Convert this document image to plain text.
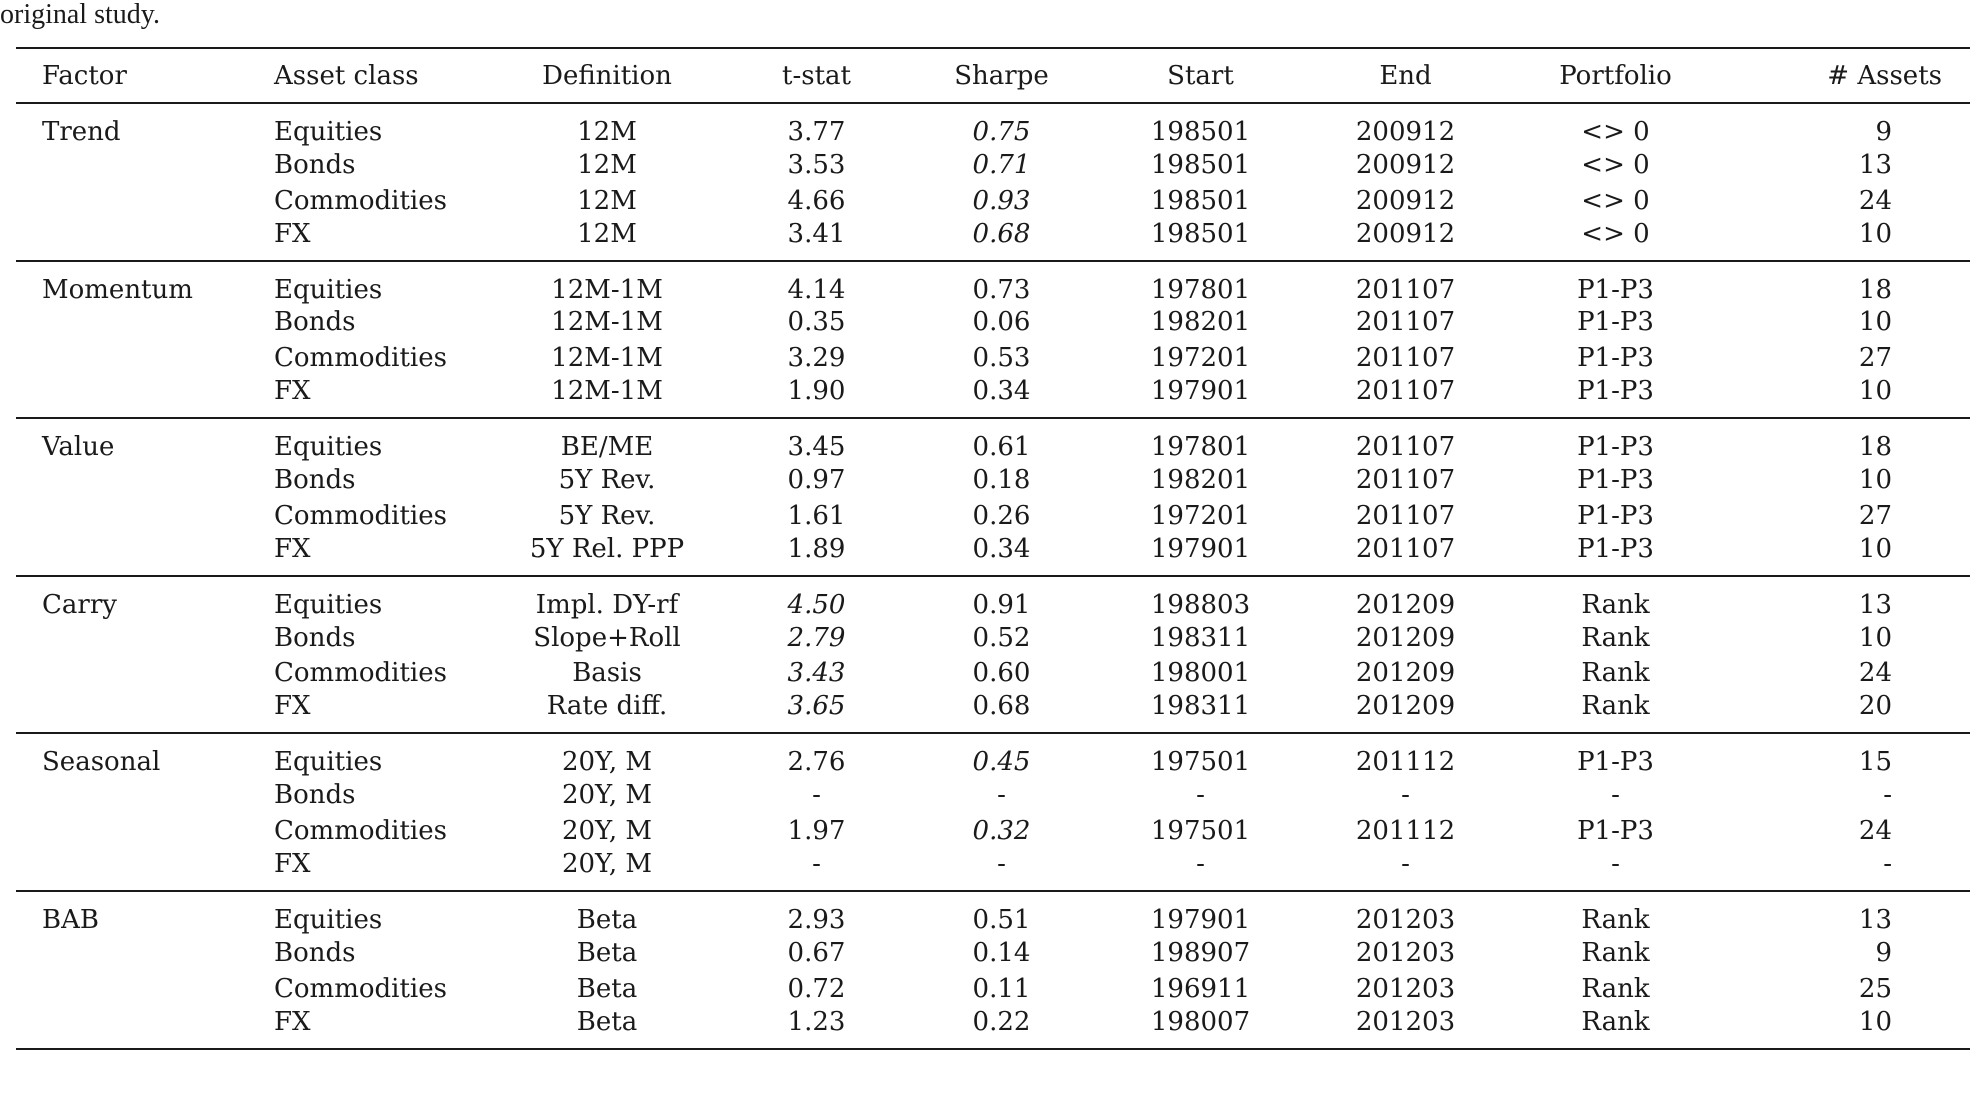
original study.
Factor	Asset class	Definition	t-stat	Sharpe	Start	End	Portfolio	# Assets
Trend	Equities	12M	3.77	0.75	198501	200912	<> 0	9
	Bonds	12M	3.53	0.71	198501	200912	<> 0	13
	Commodities	12M	4.66	0.93	198501	200912	<> 0	24
	FX	12M	3.41	0.68	198501	200912	<> 0	10
Momentum	Equities	12M-1M	4.14	0.73	197801	201107	P1-P3	18
	Bonds	12M-1M	0.35	0.06	198201	201107	P1-P3	10
	Commodities	12M-1M	3.29	0.53	197201	201107	P1-P3	27
	FX	12M-1M	1.90	0.34	197901	201107	P1-P3	10
Value	Equities	BE/ME	3.45	0.61	197801	201107	P1-P3	18
	Bonds	5Y Rev.	0.97	0.18	198201	201107	P1-P3	10
	Commodities	5Y Rev.	1.61	0.26	197201	201107	P1-P3	27
	FX	5Y Rel. PPP	1.89	0.34	197901	201107	P1-P3	10
Carry	Equities	Impl. DY-rf	4.50	0.91	198803	201209	Rank	13
	Bonds	Slope+Roll	2.79	0.52	198311	201209	Rank	10
	Commodities	Basis	3.43	0.60	198001	201209	Rank	24
	FX	Rate diff.	3.65	0.68	198311	201209	Rank	20
Seasonal	Equities	20Y, M	2.76	0.45	197501	201112	P1-P3	15
	Bonds	20Y, M	-	-	-	-	-	-
	Commodities	20Y, M	1.97	0.32	197501	201112	P1-P3	24
	FX	20Y, M	-	-	-	-	-	-
BAB	Equities	Beta	2.93	0.51	197901	201203	Rank	13
	Bonds	Beta	0.67	0.14	198907	201203	Rank	9
	Commodities	Beta	0.72	0.11	196911	201203	Rank	25
	FX	Beta	1.23	0.22	198007	201203	Rank	10
